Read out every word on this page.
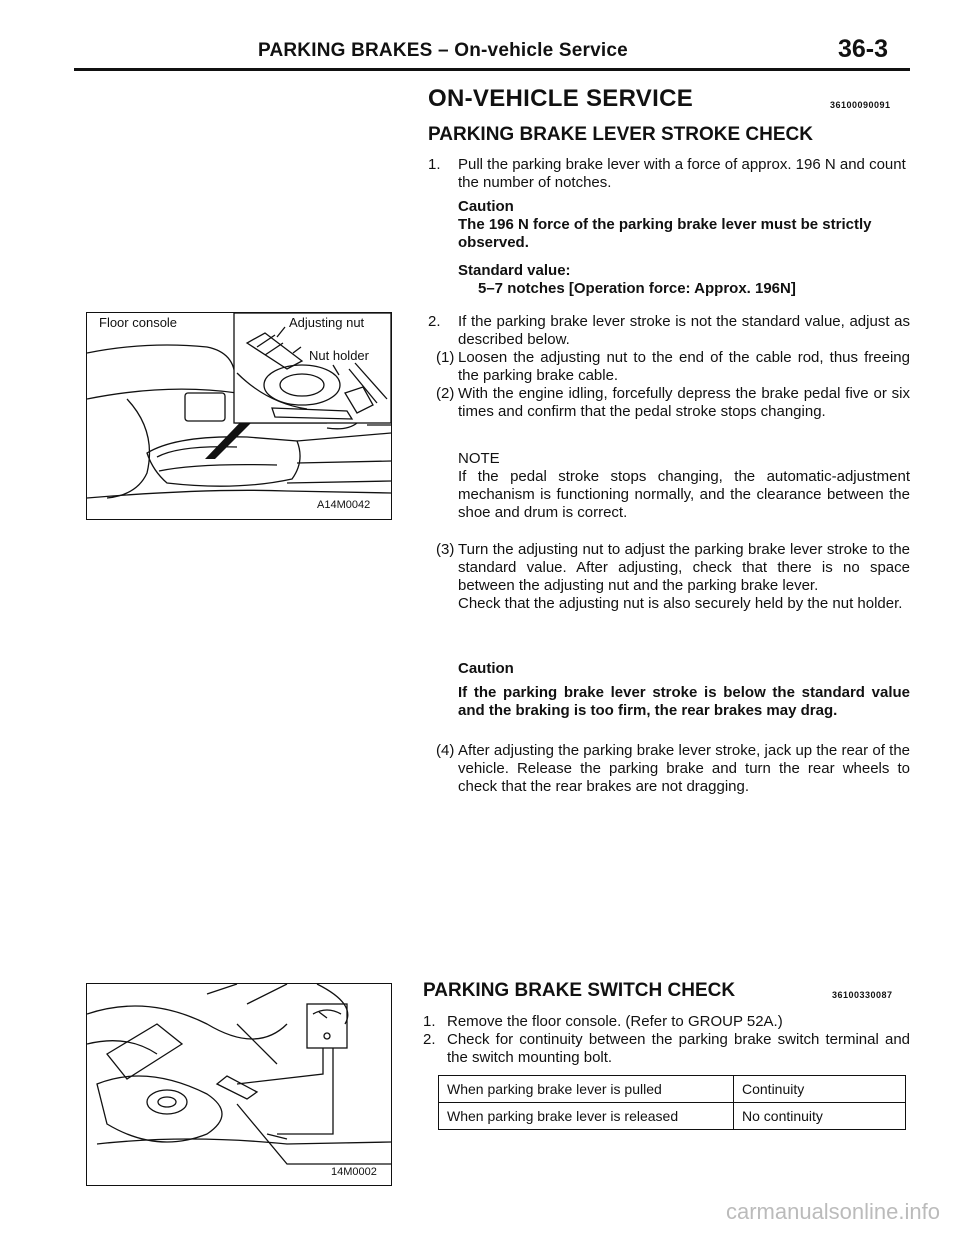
PARKING BRAKES – On-vehicle Service	36-3
ON-VEHICLE SERVICE	36100090091
PARKING BRAKE LEVER STROKE CHECK
1. Pull the parking brake lever with a force of approx. 196 N and count the number of notches.
Caution
The 196 N force of the parking brake lever must be strictly observed.
Standard value:
5–7 notches [Operation force: Approx. 196N]
2. If the parking brake lever stroke is not the standard value, adjust as described below.
(1) Loosen the adjusting nut to the end of the cable rod, thus freeing the parking brake cable.
(2) With the engine idling, forcefully depress the brake pedal five or six times and confirm that the pedal stroke stops changing.
NOTE
If the pedal stroke stops changing, the automatic-adjustment mechanism is functioning normally, and the clearance between the shoe and drum is correct.
(3) Turn the adjusting nut to adjust the parking brake lever stroke to the standard value. After adjusting, check that there is no space between the adjusting nut and the parking brake lever.
Check that the adjusting nut is also securely held by the nut holder.
Caution
If the parking brake lever stroke is below the standard value and the braking is too firm, the rear brakes may drag.
(4) After adjusting the parking brake lever stroke, jack up the rear of the vehicle. Release the parking brake and turn the rear wheels to check that the rear brakes are not dragging.
Floor console	Adjusting nut
Nut holder
A14M0042
PARKING BRAKE SWITCH CHECK	36100330087
1. Remove the floor console. (Refer to GROUP 52A.)
2. Check for continuity between the parking brake switch terminal and the switch mounting bolt.
When parking brake lever is pulled	Continuity
When parking brake lever is released	No continuity
14M0002
carmanualsonline.info
